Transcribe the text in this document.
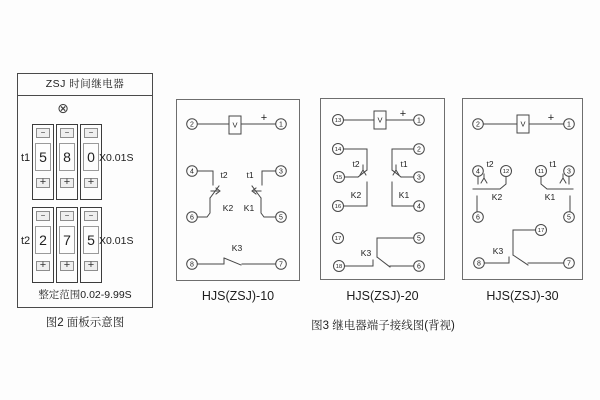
ZSJ 时间继电器
⊗
t1
−
5
+
−
8
+
−
0
+
X0.01S
t2
−
2
+
−
7
+
−
5
+
X0.01S
整定范围0.02-9.99S
图2 面板示意图
V
+
2	1
t2
K2
4
6
t1
K1
3
5
K3
8	7
HJS(ZSJ)-10
V +
13	1
t2
K2
14
15
16
t1
K1
2
3
4
17
K3
18
5
6
HJS(ZSJ)-20
V +
2	1
t2
K2
4	12
6
t1
K1
11	3
5
K3
17
8	7
HJS(ZSJ)-30
图3 继电器端子接线图(背视)
